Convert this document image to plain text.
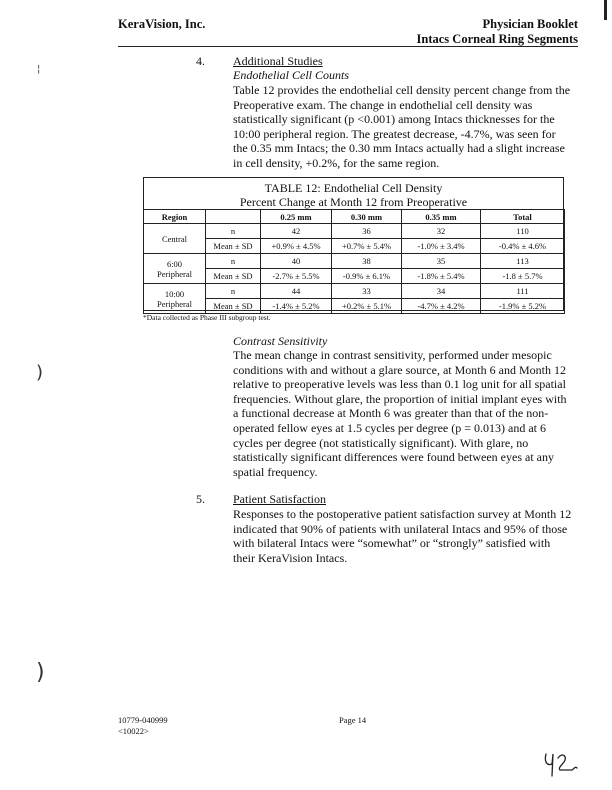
KeraVision, Inc.	Physician Booklet
Intacs Corneal Ring Segments
4. Additional Studies
Endothelial Cell Counts
Table 12 provides the endothelial cell density percent change from the
Preoperative exam. The change in endothelial cell density was
statistically significant (p <0.001) among Intacs thicknesses for the
10:00 peripheral region. The greatest decrease, -4.7%, was seen for
the 0.35 mm Intacs; the 0.30 mm Intacs actually had a slight increase
in cell density, +0.2%, for the same region.
TABLE 12: Endothelial Cell Density
Percent Change at Month 12 from Preoperative
Region		0.25 mm	0.30 mm	0.35 mm	Total

Central	n	42	36	32	110
	Mean ± SD	+0.9% ± 4.5%	+0.7% ± 5.4%	-1.0% ± 3.4%	-0.4% ± 4.6%

6:00
Peripheral	n	40	38	35	113
	Mean ± SD	-2.7% ± 5.5%	-0.9% ± 6.1%	-1.8% ± 5.4%	-1.8 ± 5.7%

10:00
Peripheral	n	44	33	34	111
	Mean ± SD	-1.4% ± 5.2%	+0.2% ± 5.1%	-4.7% ± 4.2%	-1.9% ± 5.2%
*Data collected as Phase III subgroup test.
Contrast Sensitivity
The mean change in contrast sensitivity, performed under mesopic
conditions with and without a glare source, at Month 6 and Month 12
relative to preoperative levels was less than 0.1 log unit for all spatial
frequencies. Without glare, the proportion of initial implant eyes with
a functional decrease at Month 6 was greater than that of the non-
operated fellow eyes at 1.5 cycles per degree (p = 0.013) and at 6
cycles per degree (not statistically significant). With glare, no
statistically significant differences were found between eyes at any
spatial frequency.
5. Patient Satisfaction
Responses to the postoperative patient satisfaction survey at Month 12
indicated that 90% of patients with unilateral Intacs and 95% of those
with bilateral Intacs were “somewhat” or “strongly” satisfied with
their KeraVision Intacs.
¦
)
)
10779-040999
<10022>
Page 14
